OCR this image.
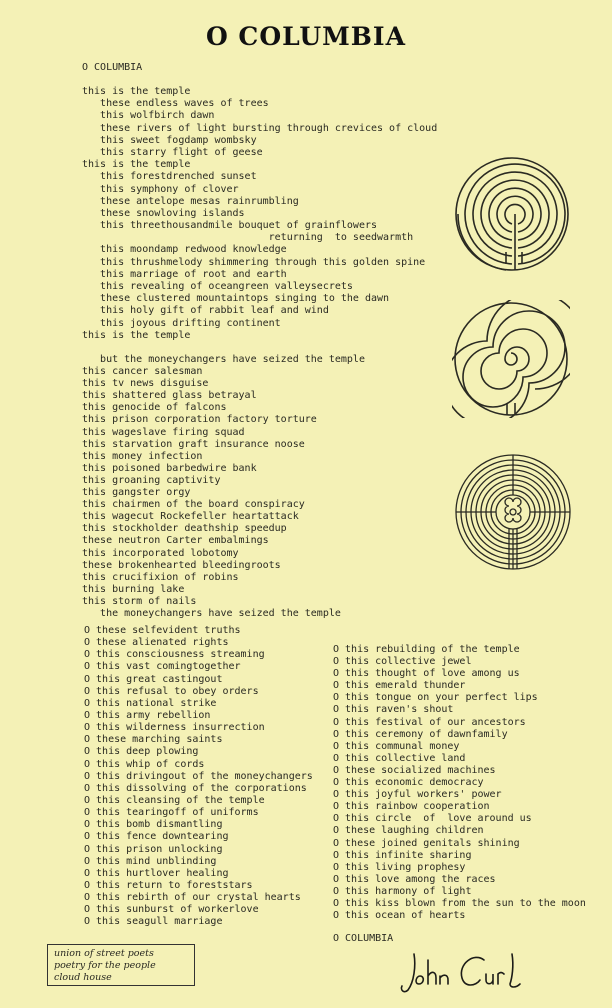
O COLUMBIA
O COLUMBIA
this is the temple
these endless waves of trees
this wolfbirch dawn
these rivers of light bursting through crevices of cloud
this sweet fogdamp wombsky
this starry flight of geese
this is the temple
this forestdrenched sunset
this symphony of clover
these antelope mesas rainrumbling
these snowloving islands
this threethousandmile bouquet of grainflowers
returning  to seedwarmth
this moondamp redwood knowledge
this thrushmelody shimmering through this golden spine
this marriage of root and earth
this revealing of oceangreen valleysecrets
these clustered mountaintops singing to the dawn
this holy gift of rabbit leaf and wind
this joyous drifting continent
this is the temple
but the moneychangers have seized the temple
this cancer salesman
this tv news disguise
this shattered glass betrayal
this genocide of falcons
this prison corporation factory torture
this wageslave firing squad
this starvation graft insurance noose
this money infection
this poisoned barbedwire bank
this groaning captivity
this gangster orgy
this chairmen of the board conspiracy
this wagecut Rockefeller heartattack
this stockholder deathship speedup
these neutron Carter embalmings
this incorporated lobotomy
these brokenhearted bleedingroots
this crucifixion of robins
this burning lake
this storm of nails
the moneychangers have seized the temple
O these selfevident truths
O these alienated rights
O this consciousness streaming
O this vast comingtogether
O this great castingout
O this refusal to obey orders
O this national strike
O this army rebellion
O this wilderness insurrection
O these marching saints
O this deep plowing
O this whip of cords
O this drivingout of the moneychangers
O this dissolving of the corporations
O this cleansing of the temple
O this tearingoff of uniforms
O this bomb dismantling
O this fence downtearing
O this prison unlocking
O this mind unblinding
O this hurtlover healing
O this return to foreststars
O this rebirth of our crystal hearts
O this sunburst of workerlove
O this seagull marriage
O this rebuilding of the temple
O this collective jewel
O this thought of love among us
O this emerald thunder
O this tongue on your perfect lips
O this raven's shout
O this festival of our ancestors
O this ceremony of dawnfamily
O this communal money
O this collective land
O these socialized machines
O this economic democracy
O this joyful workers' power
O this rainbow cooperation
O this circle  of  love around us
O these laughing children
O these joined genitals shining
O this infinite sharing
O this living prophesy
O this love among the races
O this harmony of light
O this kiss blown from the sun to the moon
O this ocean of hearts
O COLUMBIA
union of street poets
poetry for the people
cloud house
